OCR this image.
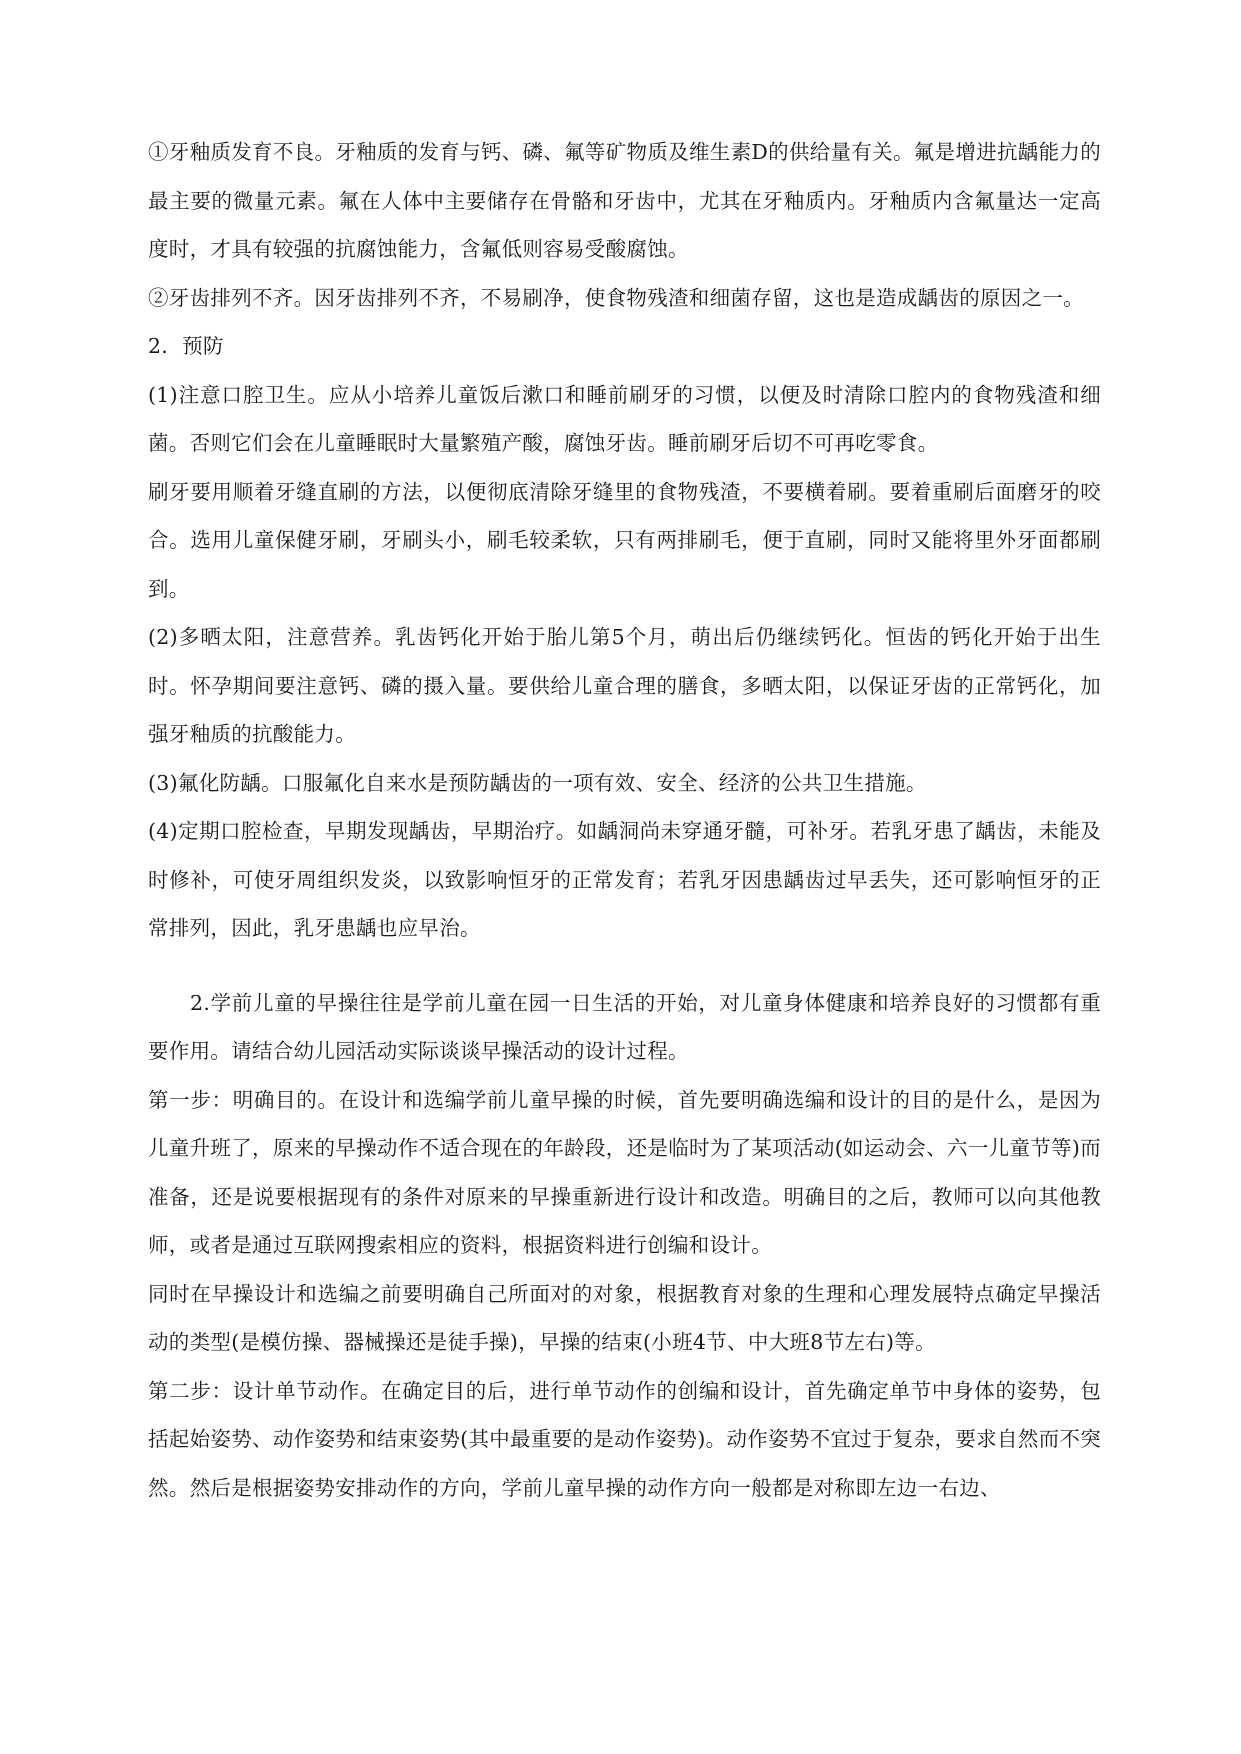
①牙釉质发育不良。牙釉质的发育与钙、磷、氟等矿物质及维生素D的供给量有关。氟是增进抗龋能力的最主要的微量元素。氟在人体中主要储存在骨骼和牙齿中，尤其在牙釉质内。牙釉质内含氟量达一定高度时，才具有较强的抗腐蚀能力，含氟低则容易受酸腐蚀。

②牙齿排列不齐。因牙齿排列不齐，不易刷净，使食物残渣和细菌存留，这也是造成龋齿的原因之一。

2．预防

(1)注意口腔卫生。应从小培养儿童饭后漱口和睡前刷牙的习惯，以便及时清除口腔内的食物残渣和细菌。否则它们会在儿童睡眠时大量繁殖产酸，腐蚀牙齿。睡前刷牙后切不可再吃零食。

刷牙要用顺着牙缝直刷的方法，以便彻底清除牙缝里的食物残渣，不要横着刷。要着重刷后面磨牙的咬合。选用儿童保健牙刷，牙刷头小，刷毛较柔软，只有两排刷毛，便于直刷，同时又能将里外牙面都刷到。

(2)多晒太阳，注意营养。乳齿钙化开始于胎儿第5个月，萌出后仍继续钙化。恒齿的钙化开始于出生时。怀孕期间要注意钙、磷的摄入量。要供给儿童合理的膳食，多晒太阳，以保证牙齿的正常钙化，加强牙釉质的抗酸能力。

(3)氟化防龋。口服氟化自来水是预防龋齿的一项有效、安全、经济的公共卫生措施。

(4)定期口腔检查，早期发现龋齿，早期治疗。如龋洞尚未穿通牙髓，可补牙。若乳牙患了龋齿，未能及时修补，可使牙周组织发炎，以致影响恒牙的正常发育；若乳牙因患龋齿过早丢失，还可影响恒牙的正常排列，因此，乳牙患龋也应早治。

2.学前儿童的早操往往是学前儿童在园一日生活的开始，对儿童身体健康和培养良好的习惯都有重要作用。请结合幼儿园活动实际谈谈早操活动的设计过程。

第一步：明确目的。在设计和选编学前儿童早操的时候，首先要明确选编和设计的目的是什么，是因为儿童升班了，原来的早操动作不适合现在的年龄段，还是临时为了某项活动(如运动会、六一儿童节等)而准备，还是说要根据现有的条件对原来的早操重新进行设计和改造。明确目的之后，教师可以向其他教师，或者是通过互联网搜索相应的资料，根据资料进行创编和设计。

同时在早操设计和选编之前要明确自己所面对的对象，根据教育对象的生理和心理发展特点确定早操活动的类型(是模仿操、器械操还是徒手操)，早操的结束(小班4节、中大班8节左右)等。

第二步：设计单节动作。在确定目的后，进行单节动作的创编和设计，首先确定单节中身体的姿势，包括起始姿势、动作姿势和结束姿势(其中最重要的是动作姿势)。动作姿势不宜过于复杂，要求自然而不突然。然后是根据姿势安排动作的方向，学前儿童早操的动作方向一般都是对称即左边一右边、
